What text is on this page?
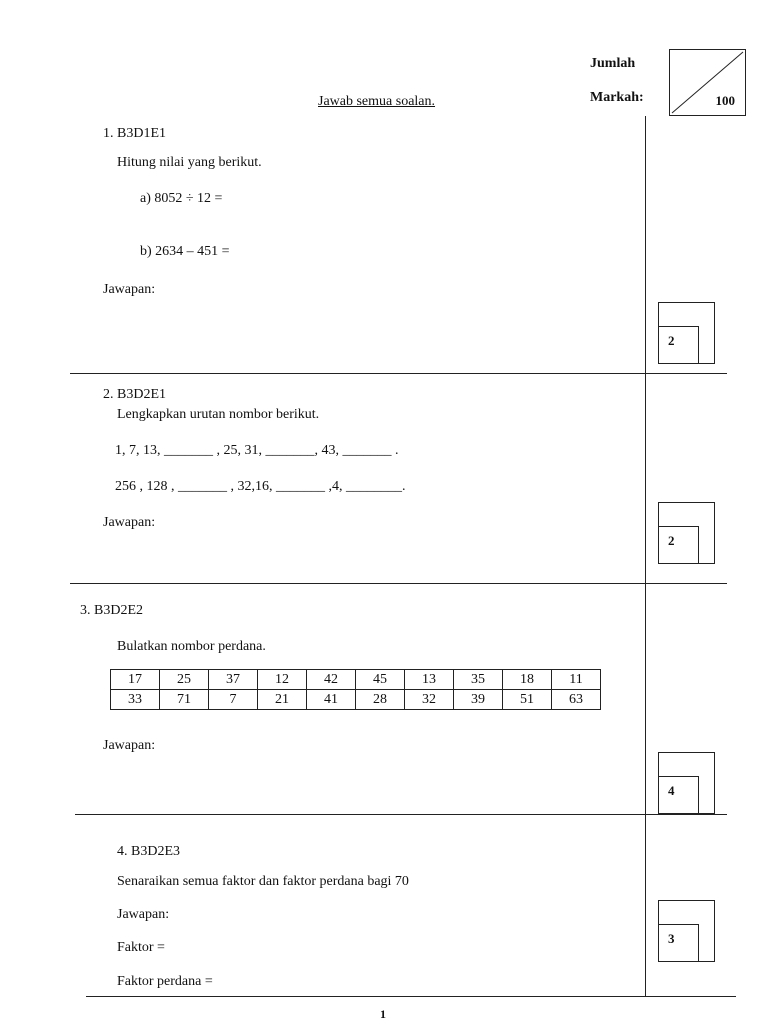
Jumlah
Markah:	100
Jawab semua soalan.
1. B3D1E1
Hitung nilai yang berikut.
a) 8052 ÷ 12 =
b) 2634 – 451 =
Jawapan:
2
2. B3D2E1
Lengkapkan urutan nombor berikut.
1, 7, 13, _______ , 25, 31, _______, 43, _______ .
256 , 128 , _______ , 32,16, _______ ,4, ________.
Jawapan:
2
3. B3D2E2
Bulatkan nombor perdana.
17	25	37	12	42	45	13	35	18	11
33	71	7	21	41	28	32	39	51	63
Jawapan:
4
4. B3D2E3
Senaraikan semua faktor dan faktor perdana bagi 70
Jawapan:
Faktor =
Faktor perdana =
3
1
